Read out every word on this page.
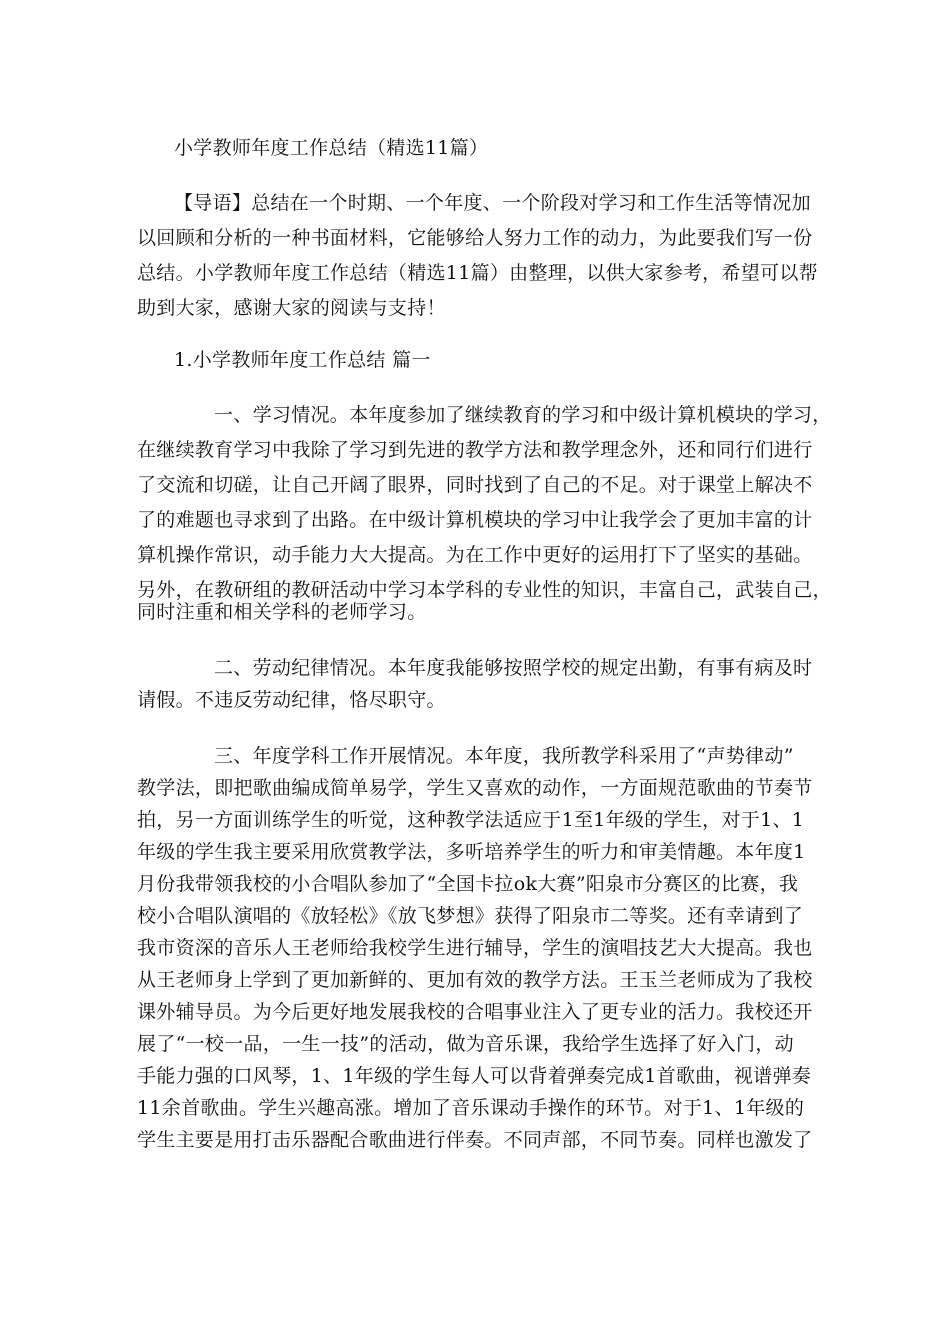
小学教师年度工作总结（精选11篇）

【导语】总结在一个时期、一个年度、一个阶段对学习和工作生活等情况加

以回顾和分析的一种书面材料，它能够给人努力工作的动力，为此要我们写一份

总结。小学教师年度工作总结（精选11篇）由整理，以供大家参考，希望可以帮

助到大家，感谢大家的阅读与支持！

1.小学教师年度工作总结 篇一

一、学习情况。本年度参加了继续教育的学习和中级计算机模块的学习，

在继续教育学习中我除了学习到先进的教学方法和教学理念外，还和同行们进行

了交流和切磋，让自己开阔了眼界，同时找到了自己的不足。对于课堂上解决不

了的难题也寻求到了出路。在中级计算机模块的学习中让我学会了更加丰富的计

算机操作常识，动手能力大大提高。为在工作中更好的运用打下了坚实的基础。

另外，在教研组的教研活动中学习本学科的专业性的知识，丰富自己，武装自己，

同时注重和相关学科的老师学习。

二、劳动纪律情况。本年度我能够按照学校的规定出勤，有事有病及时

请假。不违反劳动纪律，恪尽职守。

三、年度学科工作开展情况。本年度，我所教学科采用了“声势律动”

教学法，即把歌曲编成简单易学，学生又喜欢的动作，一方面规范歌曲的节奏节

拍，另一方面训练学生的听觉，这种教学法适应于1至1年级的学生，对于1、1

年级的学生我主要采用欣赏教学法，多听培养学生的听力和审美情趣。本年度1

月份我带领我校的小合唱队参加了“全国卡拉ok大赛”阳泉市分赛区的比赛，我

校小合唱队演唱的《放轻松》《放飞梦想》获得了阳泉市二等奖。还有幸请到了

我市资深的音乐人王老师给我校学生进行辅导，学生的演唱技艺大大提高。我也

从王老师身上学到了更加新鲜的、更加有效的教学方法。王玉兰老师成为了我校

课外辅导员。为今后更好地发展我校的合唱事业注入了更专业的活力。我校还开

展了“一校一品，一生一技”的活动，做为音乐课，我给学生选择了好入门，动

手能力强的口风琴，1、1年级的学生每人可以背着弹奏完成1首歌曲，视谱弹奏

11余首歌曲。学生兴趣高涨。增加了音乐课动手操作的环节。对于1、1年级的

学生主要是用打击乐器配合歌曲进行伴奏。不同声部，不同节奏。同样也激发了
